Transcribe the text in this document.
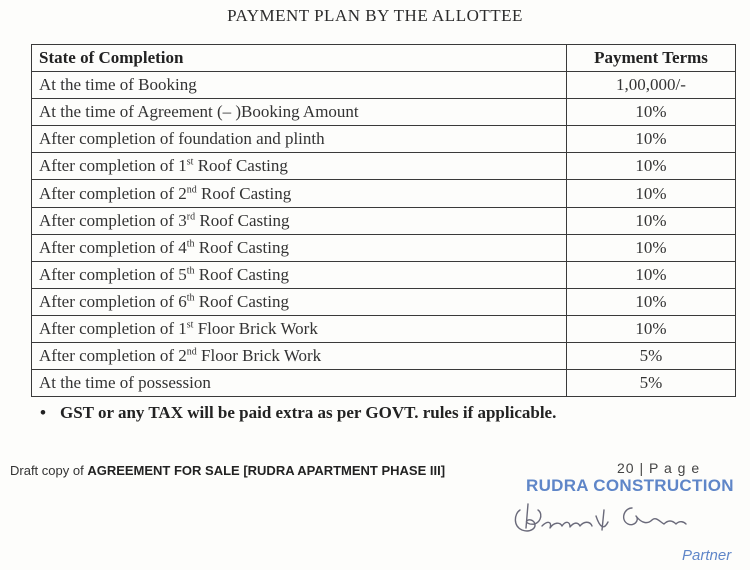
PAYMENT PLAN BY THE ALLOTTEE
State of Completion	Payment Terms
At the time of Booking	1,00,000/-
At the time of Agreement (– )Booking Amount	10%
After completion of foundation and plinth	10%
After completion of 1st Roof Casting	10%
After completion of 2nd Roof Casting	10%
After completion of 3rd Roof Casting	10%
After completion of 4th Roof Casting	10%
After completion of 5th Roof Casting	10%
After completion of 6th Roof Casting	10%
After completion of 1st Floor Brick Work	10%
After completion of 2nd Floor Brick Work	5%
At the time of possession	5%
• GST or any TAX will be paid extra as per GOVT. rules if applicable.
Draft copy of AGREEMENT FOR SALE [RUDRA APARTMENT PHASE III]	20 | P a g e
RUDRA CONSTRUCTION
Partner
